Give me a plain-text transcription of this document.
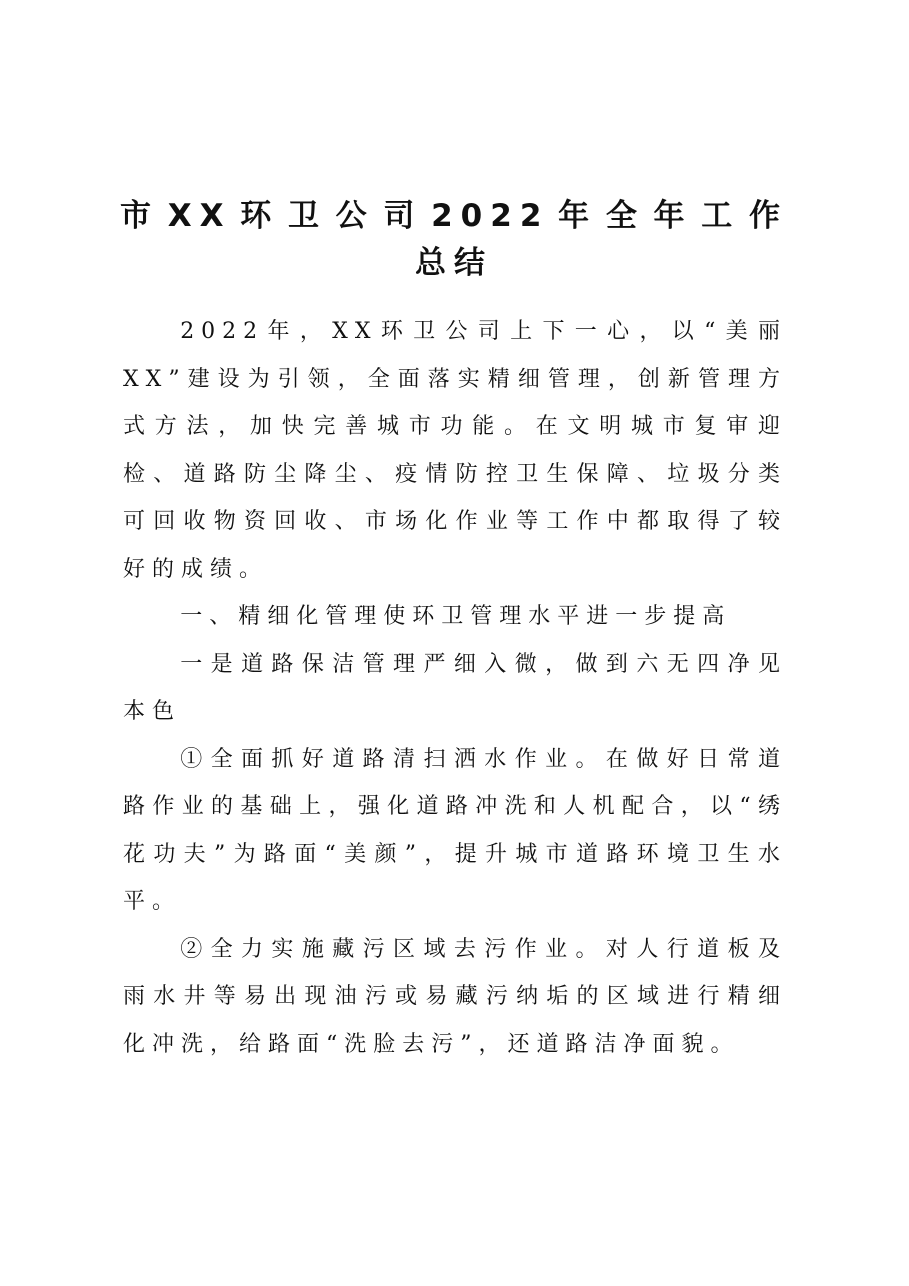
市XX环卫公司2022年全年工作
总结

2022年，XX环卫公司上下一心，以“美丽XX”建设为引领，全面落实精细管理，创新管理方式方法，加快完善城市功能。在文明城市复审迎检、道路防尘降尘、疫情防控卫生保障、垃圾分类可回收物资回收、市场化作业等工作中都取得了较好的成绩。

一、精细化管理使环卫管理水平进一步提高

一是道路保洁管理严细入微，做到六无四净见本色

①全面抓好道路清扫洒水作业。在做好日常道路作业的基础上，强化道路冲洗和人机配合，以“绣花功夫”为路面“美颜”，提升城市道路环境卫生水平。

②全力实施藏污区域去污作业。对人行道板及雨水井等易出现油污或易藏污纳垢的区域进行精细化冲洗，给路面“洗脸去污”，还道路洁净面貌。
